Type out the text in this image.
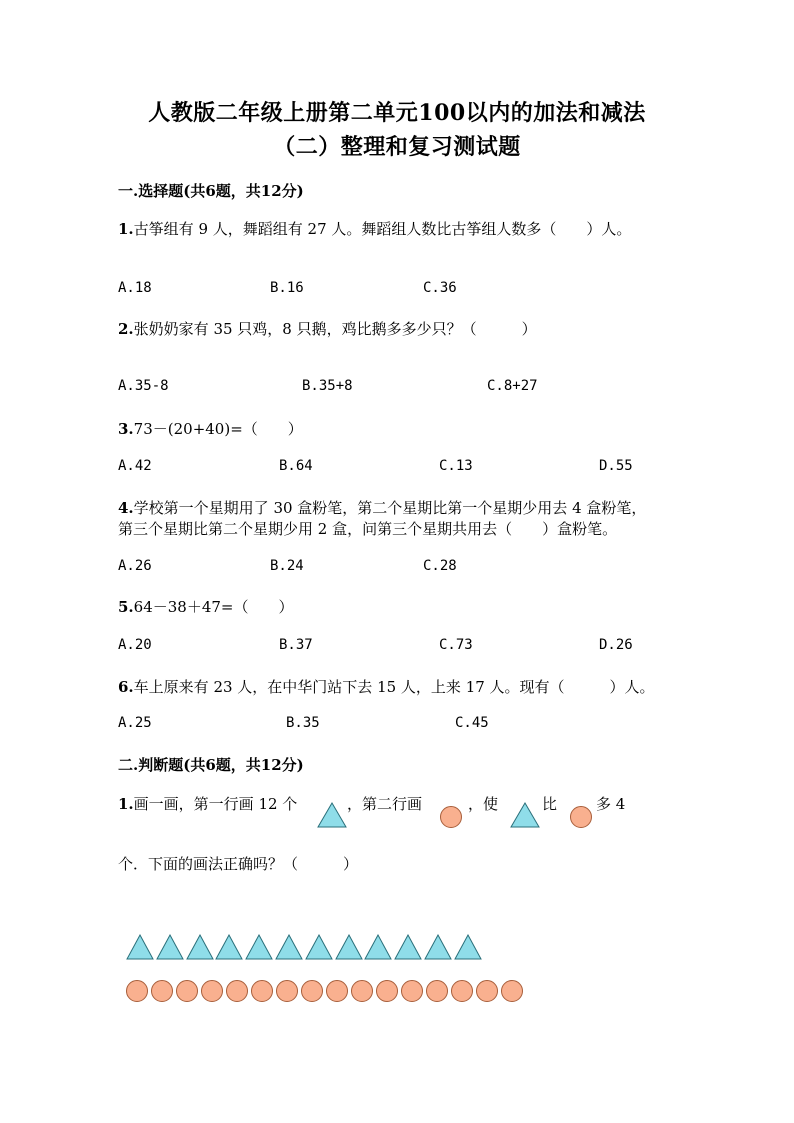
人教版二年级上册第二单元100以内的加法和减法
（二）整理和复习测试题
一.选择题(共6题，共12分)
1.古筝组有 9 人，舞蹈组有 27 人。舞蹈组人数比古筝组人数多（　　）人。
A.18	B.16	C.36
2.张奶奶家有 35 只鸡，8 只鹅，鸡比鹅多多少只？（　　　）
A.35-8	B.35+8	C.8+27
3.73－(20+40)=（　　）
A.42	B.64	C.13	D.55
4.学校第一个星期用了 30 盒粉笔，第二个星期比第一个星期少用去 4 盒粉笔，
第三个星期比第二个星期少用 2 盒，问第三个星期共用去（　　）盒粉笔。
A.26	B.24	C.28
5.64－38＋47=（　　）
A.20	B.37	C.73	D.26
6.车上原来有 23 人，在中华门站下去 15 人，上来 17 人。现有（　　　）人。
A.25	B.35	C.45
二.判断题(共6题，共12分)
1.画一画，第一行画 12 个	，第二行画	，使	比	多 4
个．下面的画法正确吗？（　　　）
